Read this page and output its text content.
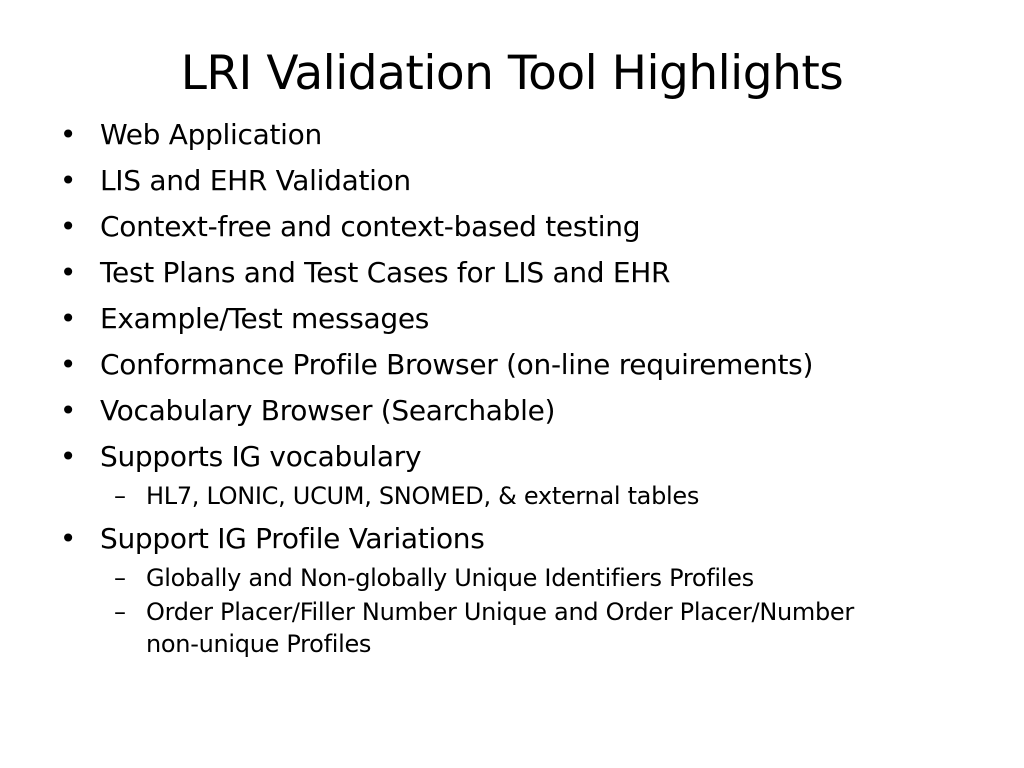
LRI Validation Tool Highlights
• Web Application
• LIS and EHR Validation
• Context-free and context-based testing
• Test Plans and Test Cases for LIS and EHR
• Example/Test messages
• Conformance Profile Browser (on-line requirements)
• Vocabulary Browser (Searchable)
• Supports IG vocabulary
– HL7, LONIC, UCUM, SNOMED, & external tables
• Support IG Profile Variations
– Globally and Non-globally Unique Identifiers Profiles
– Order Placer/Filler Number Unique and Order Placer/Number non-unique Profiles
